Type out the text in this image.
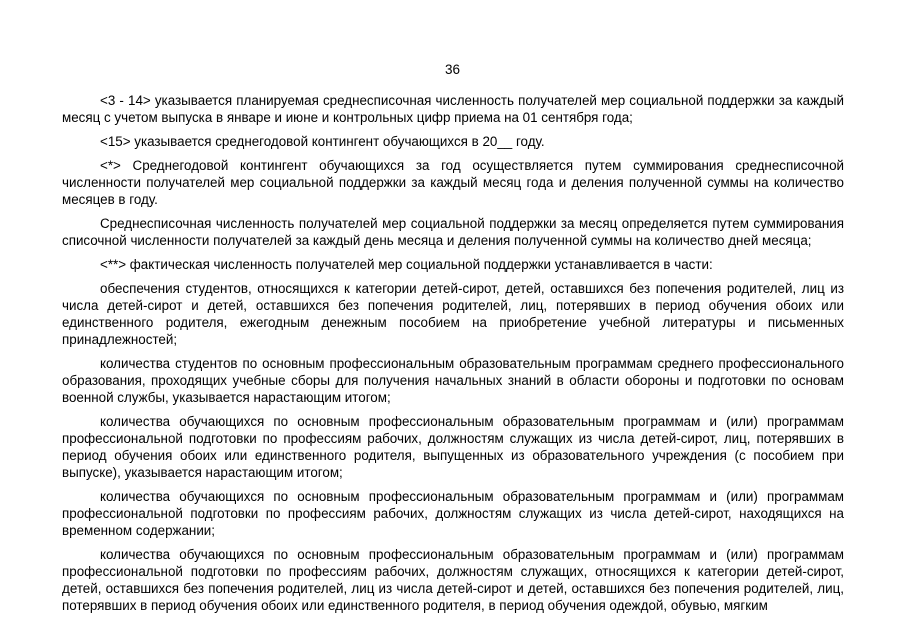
36

<3 - 14> указывается планируемая среднесписочная численность получателей мер социальной поддержки за каждый месяц с учетом выпуска в январе и июне и контрольных цифр приема на 01 сентября года;

<15> указывается среднегодовой контингент обучающихся в 20__ году.

<*> Среднегодовой контингент обучающихся за год осуществляется путем суммирования среднесписочной численности получателей мер социальной поддержки за каждый месяц года и деления полученной суммы на количество месяцев в году.

Среднесписочная численность получателей мер социальной поддержки за месяц определяется путем суммирования списочной численности получателей за каждый день месяца и деления полученной суммы на количество дней месяца;

<**> фактическая численность получателей мер социальной поддержки устанавливается в части:

обеспечения студентов, относящихся к категории детей-сирот, детей, оставшихся без попечения родителей, лиц из числа детей-сирот и детей, оставшихся без попечения родителей, лиц, потерявших в период обучения обоих или единственного родителя, ежегодным денежным пособием на приобретение учебной литературы и письменных принадлежностей;

количества студентов по основным профессиональным образовательным программам среднего профессионального образования, проходящих учебные сборы для получения начальных знаний в области обороны и подготовки по основам военной службы, указывается нарастающим итогом;

количества обучающихся по основным профессиональным образовательным программам и (или) программам профессиональной подготовки по профессиям рабочих, должностям служащих из числа детей-сирот, лиц, потерявших в период обучения обоих или единственного родителя, выпущенных из образовательного учреждения (с пособием при выпуске), указывается нарастающим итогом;

количества обучающихся по основным профессиональным образовательным программам и (или) программам профессиональной подготовки по профессиям рабочих, должностям служащих из числа детей-сирот, находящихся на временном содержании;

количества обучающихся по основным профессиональным образовательным программам и (или) программам профессиональной подготовки по профессиям рабочих, должностям служащих, относящихся к категории детей-сирот, детей, оставшихся без попечения родителей, лиц из числа детей-сирот и детей, оставшихся без попечения родителей, лиц, потерявших в период обучения обоих или единственного родителя, в период обучения одеждой, обувью, мягким
